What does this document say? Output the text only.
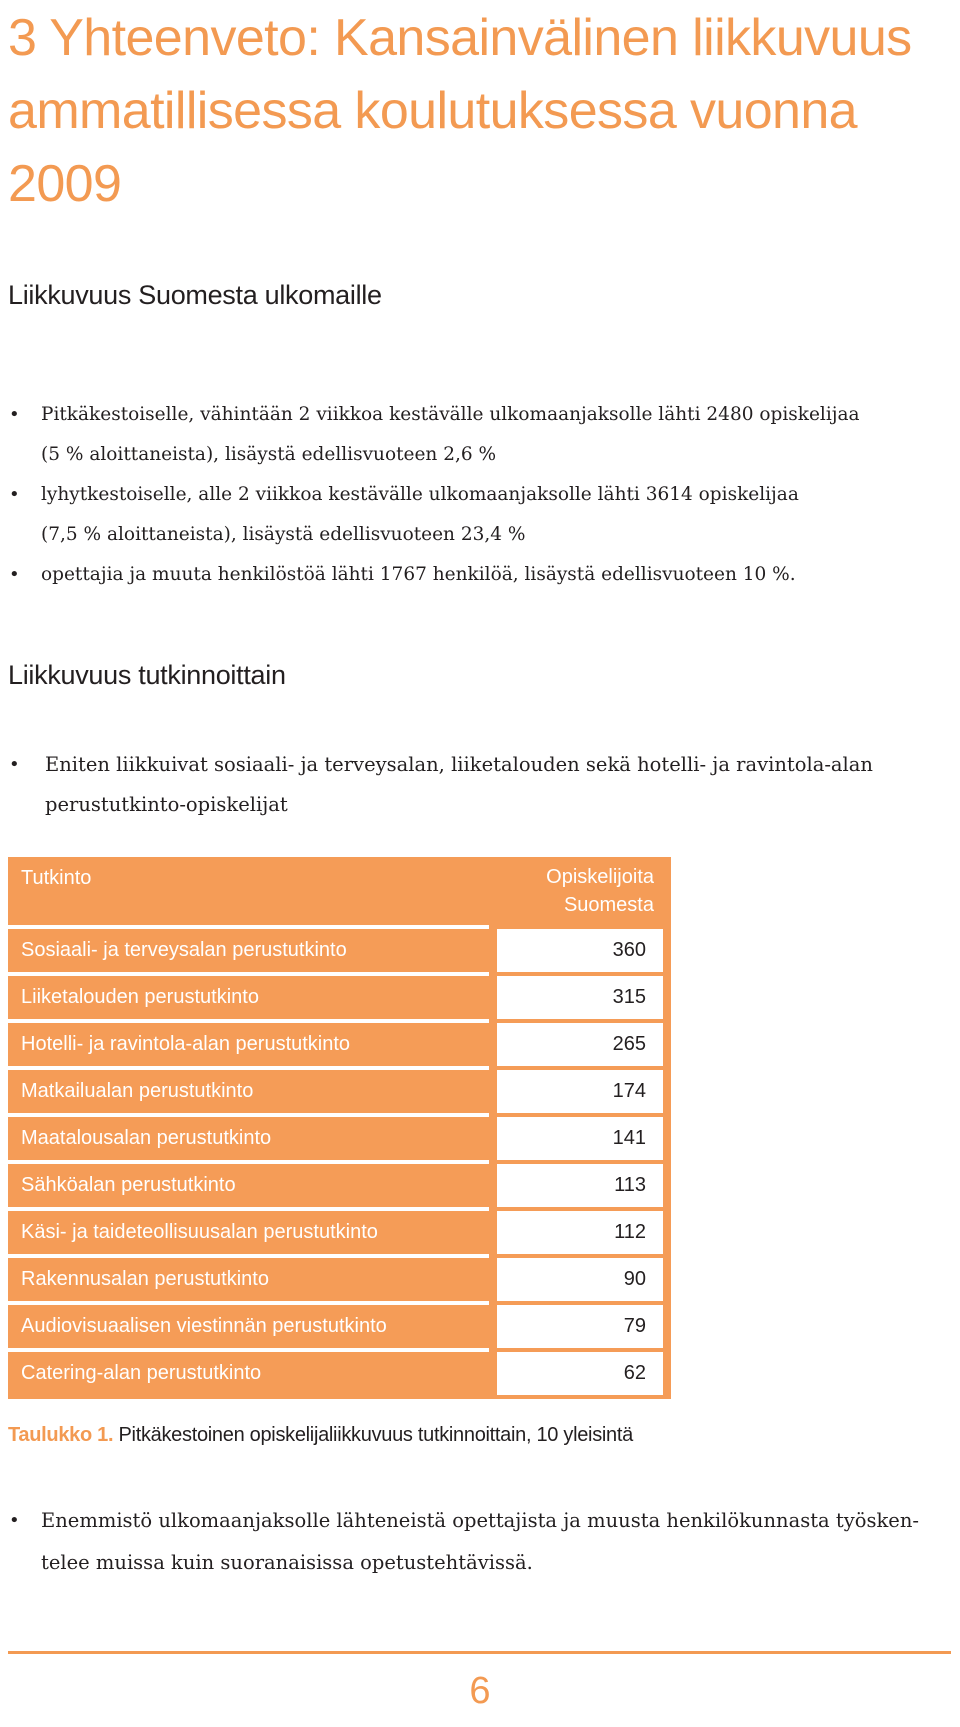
3 Yhteenveto: Kansainvälinen liikkuvuus ammatillisessa koulutuksessa vuonna 2009
Liikkuvuus Suomesta ulkomaille
• Pitkäkestoiselle, vähintään 2 viikkoa kestävälle ulkomaanjaksolle lähti 2480 opiskelijaa
(5 % aloittaneista), lisäystä edellisvuoteen 2,6 %
• lyhytkestoiselle, alle 2 viikkoa kestävälle ulkomaanjaksolle lähti 3614 opiskelijaa
(7,5 % aloittaneista), lisäystä edellisvuoteen 23,4 %
• opettajia ja muuta henkilöstöä lähti 1767 henkilöä, lisäystä edellisvuoteen 10 %.
Liikkuvuus tutkinnoittain
• Eniten liikkuivat sosiaali- ja terveysalan, liiketalouden sekä hotelli- ja ravintola-alan
perustutkinto-opiskelijat
Tutkinto	Opiskelijoita
Suomesta
Sosiaali- ja terveysalan perustutkinto	360
Liiketalouden perustutkinto	315
Hotelli- ja ravintola-alan perustutkinto	265
Matkailualan perustutkinto	174
Maatalousalan perustutkinto	141
Sähköalan perustutkinto	113
Käsi- ja taideteollisuusalan perustutkinto	112
Rakennusalan perustutkinto	90
Audiovisuaalisen viestinnän perustutkinto	79
Catering-alan perustutkinto	62
Taulukko 1. Pitkäkestoinen opiskelijaliikkuvuus tutkinnoittain, 10 yleisintä
• Enemmistö ulkomaanjaksolle lähteneistä opettajista ja muusta henkilökunnasta työsken-
telee muissa kuin suoranaisissa opetustehtävissä.
6
